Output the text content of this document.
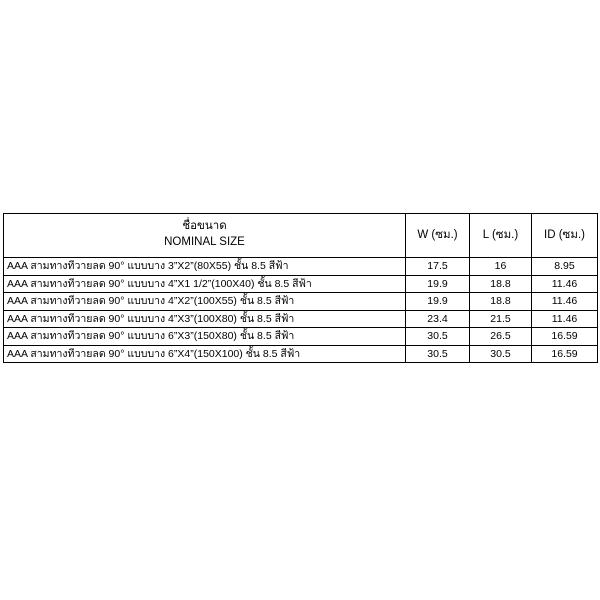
ชื่อขนาด
NOMINAL SIZE	W (ซม.)	L (ซม.)	ID (ซม.)
AAA สามทางทีวายลด 90° แบบบาง 3”X2”(80X55) ชั้น 8.5 สีฟ้า	17.5	16	8.95
AAA สามทางทีวายลด 90° แบบบาง 4”X1 1/2”(100X40) ชั้น 8.5 สีฟ้า	19.9	18.8	11.46
AAA สามทางทีวายลด 90° แบบบาง 4”X2”(100X55) ชั้น 8.5 สีฟ้า	19.9	18.8	11.46
AAA สามทางทีวายลด 90° แบบบาง 4”X3”(100X80) ชั้น 8.5 สีฟ้า	23.4	21.5	11.46
AAA สามทางทีวายลด 90° แบบบาง 6”X3”(150X80) ชั้น 8.5 สีฟ้า	30.5	26.5	16.59
AAA สามทางทีวายลด 90° แบบบาง 6”X4”(150X100) ชั้น 8.5 สีฟ้า	30.5	30.5	16.59
